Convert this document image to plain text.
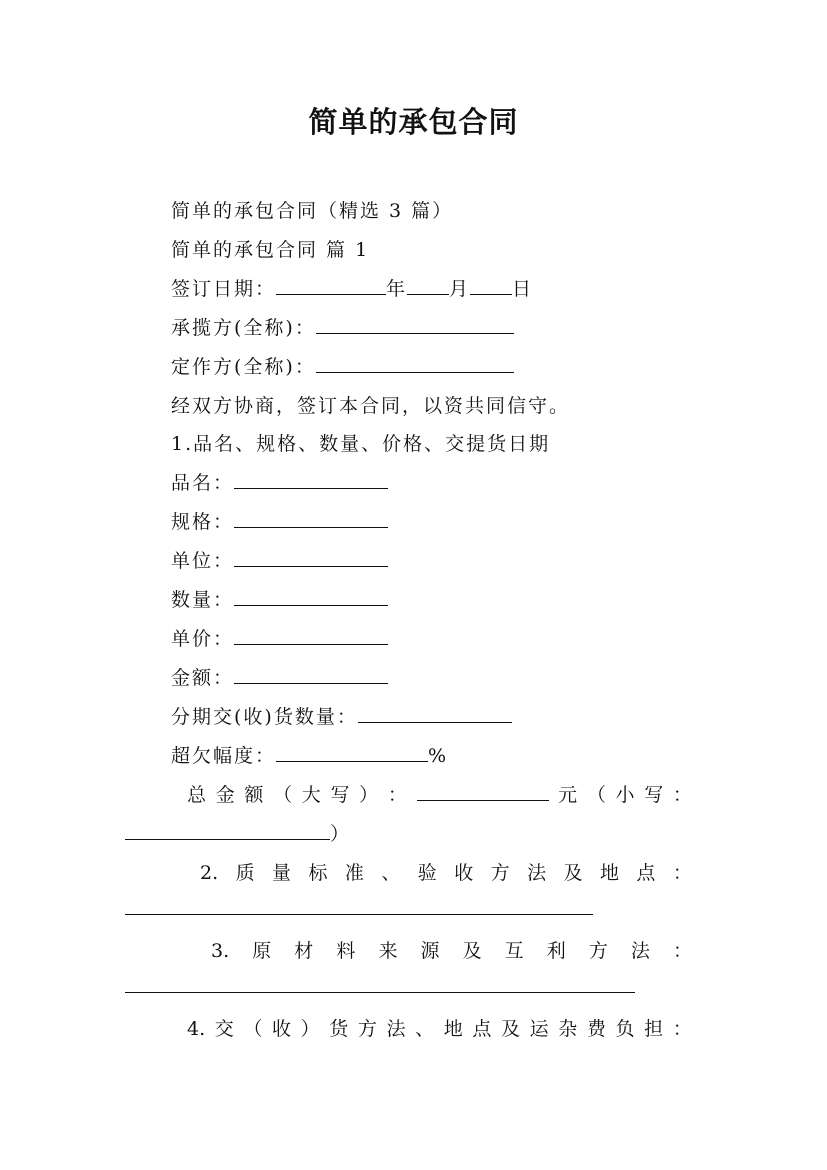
简单的承包合同
简单的承包合同（精选 3 篇）
简单的承包合同 篇 1
签订日期：	年 月 日
承揽方(全称)：
定作方(全称)：
经双方协商，签订本合同，以资共同信守。
1.品名、规格、数量、价格、交提货日期
品名：
规格：
单位：
数量：
单价：
金额：
分期交(收)货数量：
超欠幅度：	%
总 金 额 （ 大 写 ） ：	元 （ 小 写 ：
）
2. 质 量 标 准 、 验 收 方 法 及 地 点 ：
3. 原 材 料 来 源 及 互 利 方 法 ：
4. 交 （ 收 ） 货 方 法 、 地 点 及 运 杂 费 负 担 ：
